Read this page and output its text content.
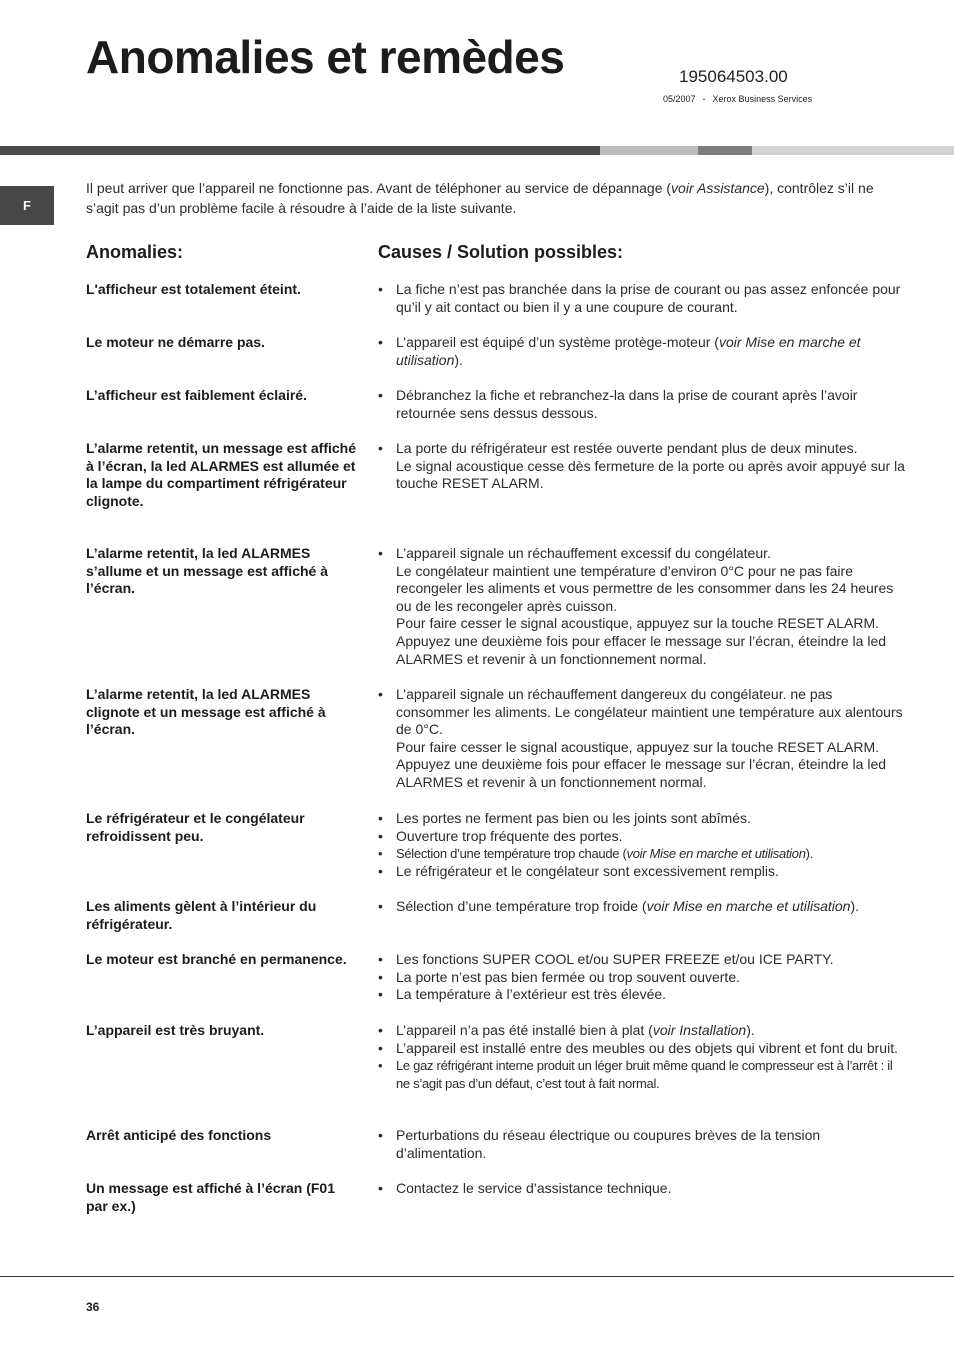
Anomalies et remèdes	195064503.00
05/2007 - Xerox Business Services
F

Il peut arriver que l’appareil ne fonctionne pas. Avant de téléphoner au service de dépannage (voir Assistance), contrôlez s’il ne s’agit pas d’un problème facile à résoudre à l’aide de la liste suivante.

Anomalies:	Causes / Solution possibles:
L'afficheur est totalement éteint.	• La fiche n’est pas branchée dans la prise de courant ou pas assez enfoncée pour qu’il y ait contact ou bien il y a une coupure de courant.
Le moteur ne démarre pas.	• L’appareil est équipé d’un système protège-moteur (voir Mise en marche et utilisation).
L’afficheur est faiblement éclairé.	• Débranchez la fiche et rebranchez-la dans la prise de courant après l’avoir retournée sens dessus dessous.
L’alarme retentit, un message est affiché à l’écran, la led ALARMES est allumée et la lampe du compartiment réfrigérateur clignote.
• La porte du réfrigérateur est restée ouverte pendant plus de deux minutes.
Le signal acoustique cesse dès fermeture de la porte ou après avoir appuyé sur la touche RESET ALARM.
L’alarme retentit, la led ALARMES s’allume et un message est affiché à l’écran.
• L’appareil signale un réchauffement excessif du congélateur.
Le congélateur maintient une température d’environ 0°C pour ne pas faire recongeler les aliments et vous permettre de les consommer dans les 24 heures ou de les recongeler après cuisson.
Pour faire cesser le signal acoustique, appuyez sur la touche RESET ALARM. Appuyez une deuxième fois pour effacer le message sur l’écran, éteindre la led ALARMES et revenir à un fonctionnement normal.
L’alarme retentit, la led ALARMES clignote et un message est affiché à l’écran.
• L’appareil signale un réchauffement dangereux du congélateur. ne pas consommer les aliments. Le congélateur maintient une température aux alentours de 0°C.
Pour faire cesser le signal acoustique, appuyez sur la touche RESET ALARM. Appuyez une deuxième fois pour effacer le message sur l’écran, éteindre la led ALARMES et revenir à un fonctionnement normal.
Le réfrigérateur et le congélateur refroidissent peu.
• Les portes ne ferment pas bien ou les joints sont abîmés.
• Ouverture trop fréquente des portes.
• Sélection d’une température trop chaude (voir Mise en marche et utilisation).
• Le réfrigérateur et le congélateur sont excessivement remplis.
Les aliments gèlent à l’intérieur du réfrigérateur.
• Sélection d’une température trop froide (voir Mise en marche et utilisation).
Le moteur est branché en permanence.	• Les fonctions SUPER COOL et/ou SUPER FREEZE et/ou ICE PARTY.
• La porte n’est pas bien fermée ou trop souvent ouverte.
• La température à l’extérieur est très élevée.
L’appareil est très bruyant.	• L’appareil n’a pas été installé bien à plat (voir Installation).
• L’appareil est installé entre des meubles ou des objets qui vibrent et font du bruit.
• Le gaz réfrigérant interne produit un léger bruit même quand le compresseur est à l’arrêt : il ne s’agit pas d’un défaut, c’est tout à fait normal.
Arrêt anticipé des fonctions	• Perturbations du réseau électrique ou coupures brèves de la tension d’alimentation.
Un message est affiché à l’écran (F01 par ex.)
• Contactez le service d’assistance technique.
36
